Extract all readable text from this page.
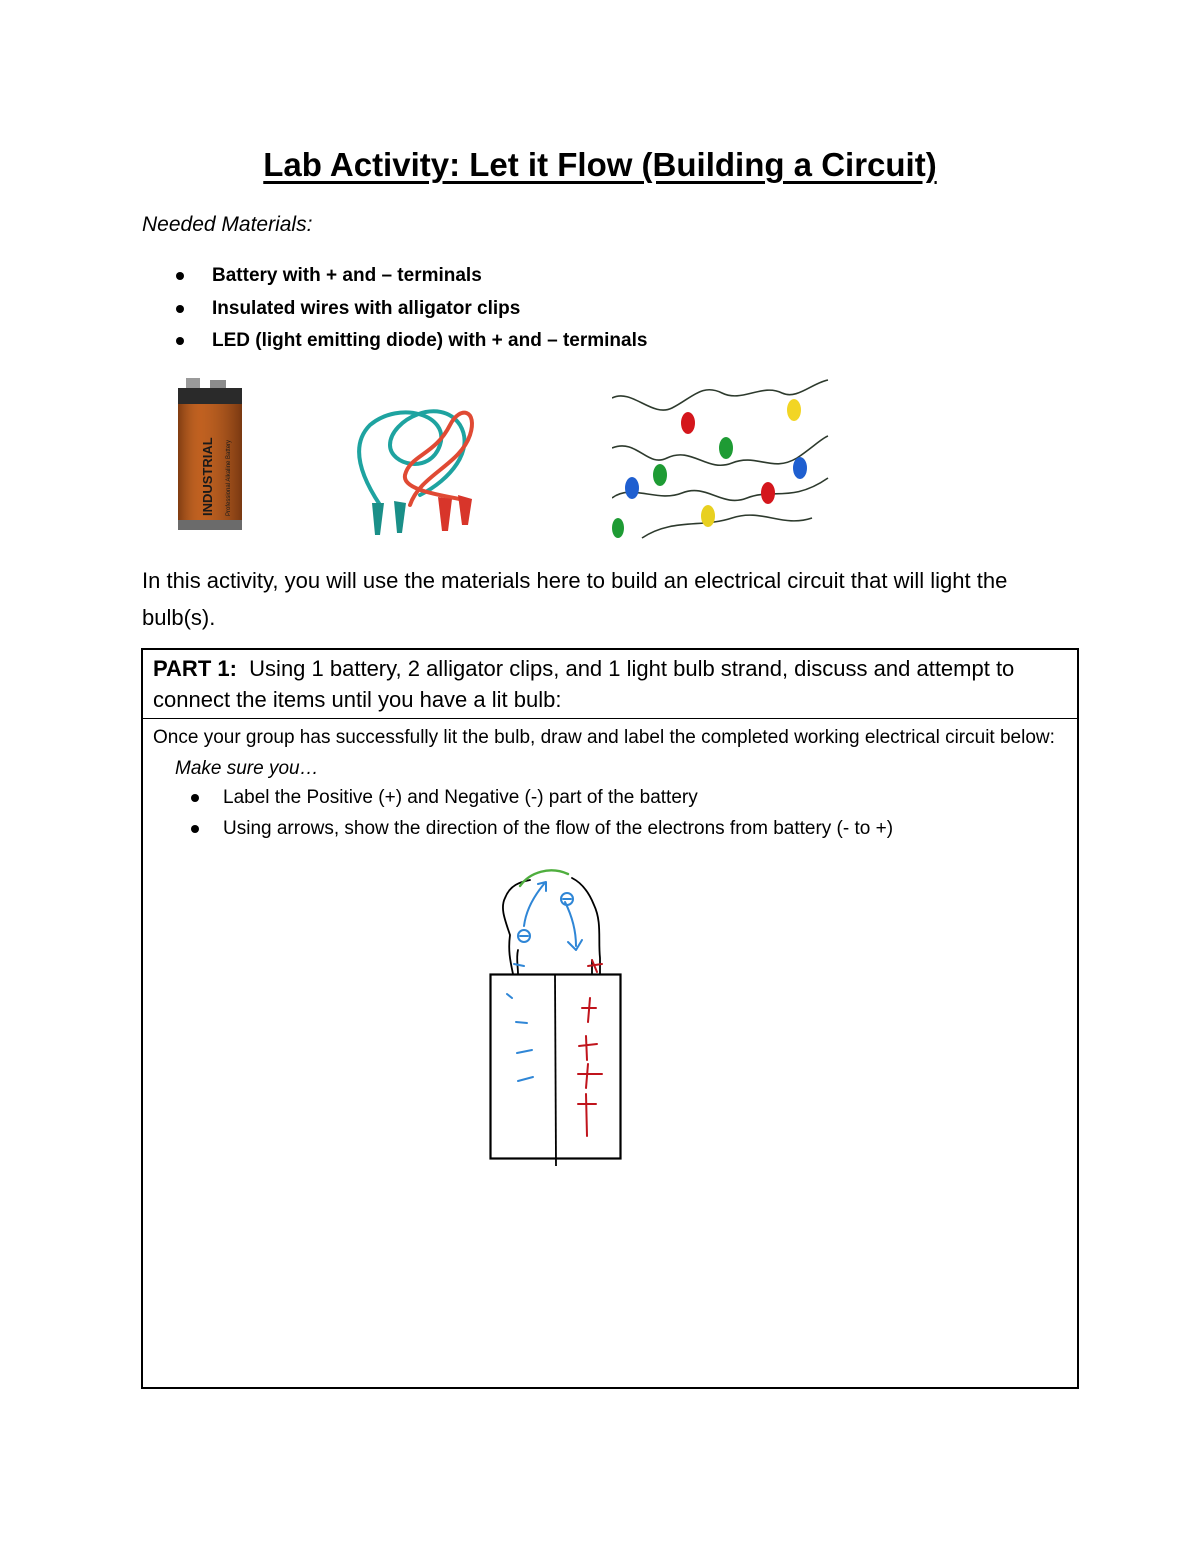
Lab Activity: Let it Flow (Building a Circuit)
Needed Materials:
Battery with + and – terminals
Insulated wires with alligator clips
LED (light emitting diode) with + and – terminals
INDUSTRIAL Professional Alkaline Battery
In this activity, you will use the materials here to build an electrical circuit that will light the bulb(s).

PART 1: Using 1 battery, 2 alligator clips, and 1 light bulb strand, discuss and attempt to connect the items until you have a lit bulb:

Once your group has successfully lit the bulb, draw and label the completed working electrical circuit below:

Make sure you…

Label the Positive (+) and Negative (-) part of the battery
Using arrows, show the direction of the flow of the electrons from battery (- to +)
